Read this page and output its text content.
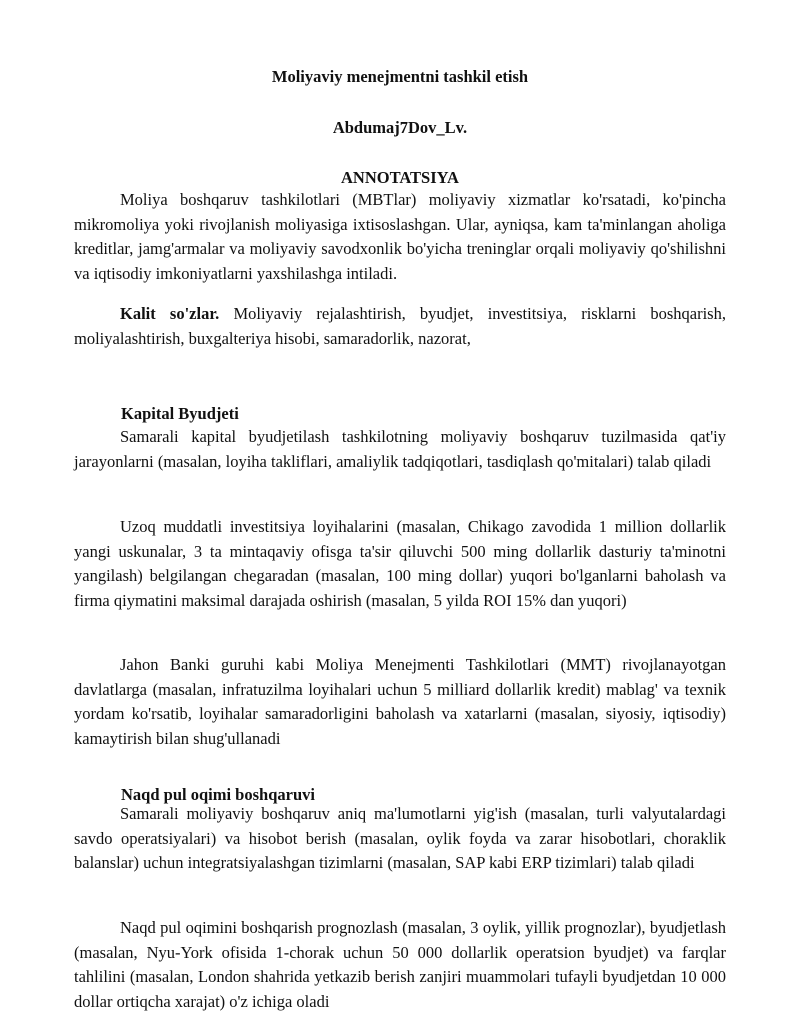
Moliyaviy menejmentni tashkil etish
Abdumaj7Dov_Lv.
ANNOTATSIYA
Moliya boshqaruv tashkilotlari (MBTlar) moliyaviy xizmatlar ko'rsatadi, ko'pincha mikromoliya yoki rivojlanish moliyasiga ixtisoslashgan. Ular, ayniqsa, kam ta'minlangan aholiga kreditlar, jamg'armalar va moliyaviy savodxonlik bo'yicha treninglar orqali moliyaviy qo'shilishni va iqtisodiy imkoniyatlarni yaxshilashga intiladi.
Kalit so'zlar. Moliyaviy rejalashtirish, byudjet, investitsiya, risklarni boshqarish, moliyalashtirish, buxgalteriya hisobi, samaradorlik, nazorat,
Kapital Byudjeti
Samarali kapital byudjetilash tashkilotning moliyaviy boshqaruv tuzilmasida qat'iy jarayonlarni (masalan, loyiha takliflari, amaliylik tadqiqotlari, tasdiqlash qo'mitalari) talab qiladi
Uzoq muddatli investitsiya loyihalarini (masalan, Chikago zavodida 1 million dollarlik yangi uskunalar, 3 ta mintaqaviy ofisga ta'sir qiluvchi 500 ming dollarlik dasturiy ta'minotni yangilash) belgilangan chegaradan (masalan, 100 ming dollar) yuqori bo'lganlarni baholash va firma qiymatini maksimal darajada oshirish (masalan, 5 yilda ROI 15% dan yuqori)
Jahon Banki guruhi kabi Moliya Menejmenti Tashkilotlari (MMT) rivojlanayotgan davlatlarga (masalan, infratuzilma loyihalari uchun 5 milliard dollarlik kredit) mablag' va texnik yordam ko'rsatib, loyihalar samaradorligini baholash va xatarlarni (masalan, siyosiy, iqtisodiy) kamaytirish bilan shug'ullanadi
Naqd pul oqimi boshqaruvi
Samarali moliyaviy boshqaruv aniq ma'lumotlarni yig'ish (masalan, turli valyutalardagi savdo operatsiyalari) va hisobot berish (masalan, oylik foyda va zarar hisobotlari, choraklik balanslar) uchun integratsiyalashgan tizimlarni (masalan, SAP kabi ERP tizimlari) talab qiladi
Naqd pul oqimini boshqarish prognozlash (masalan, 3 oylik, yillik prognozlar), byudjetlash (masalan, Nyu-York ofisida 1-chorak uchun 50 000 dollarlik operatsion byudjet) va farqlar tahlilini (masalan, London shahrida yetkazib berish zanjiri muammolari tufayli byudjetdan 10 000 dollar ortiqcha xarajat) o'z ichiga oladi
